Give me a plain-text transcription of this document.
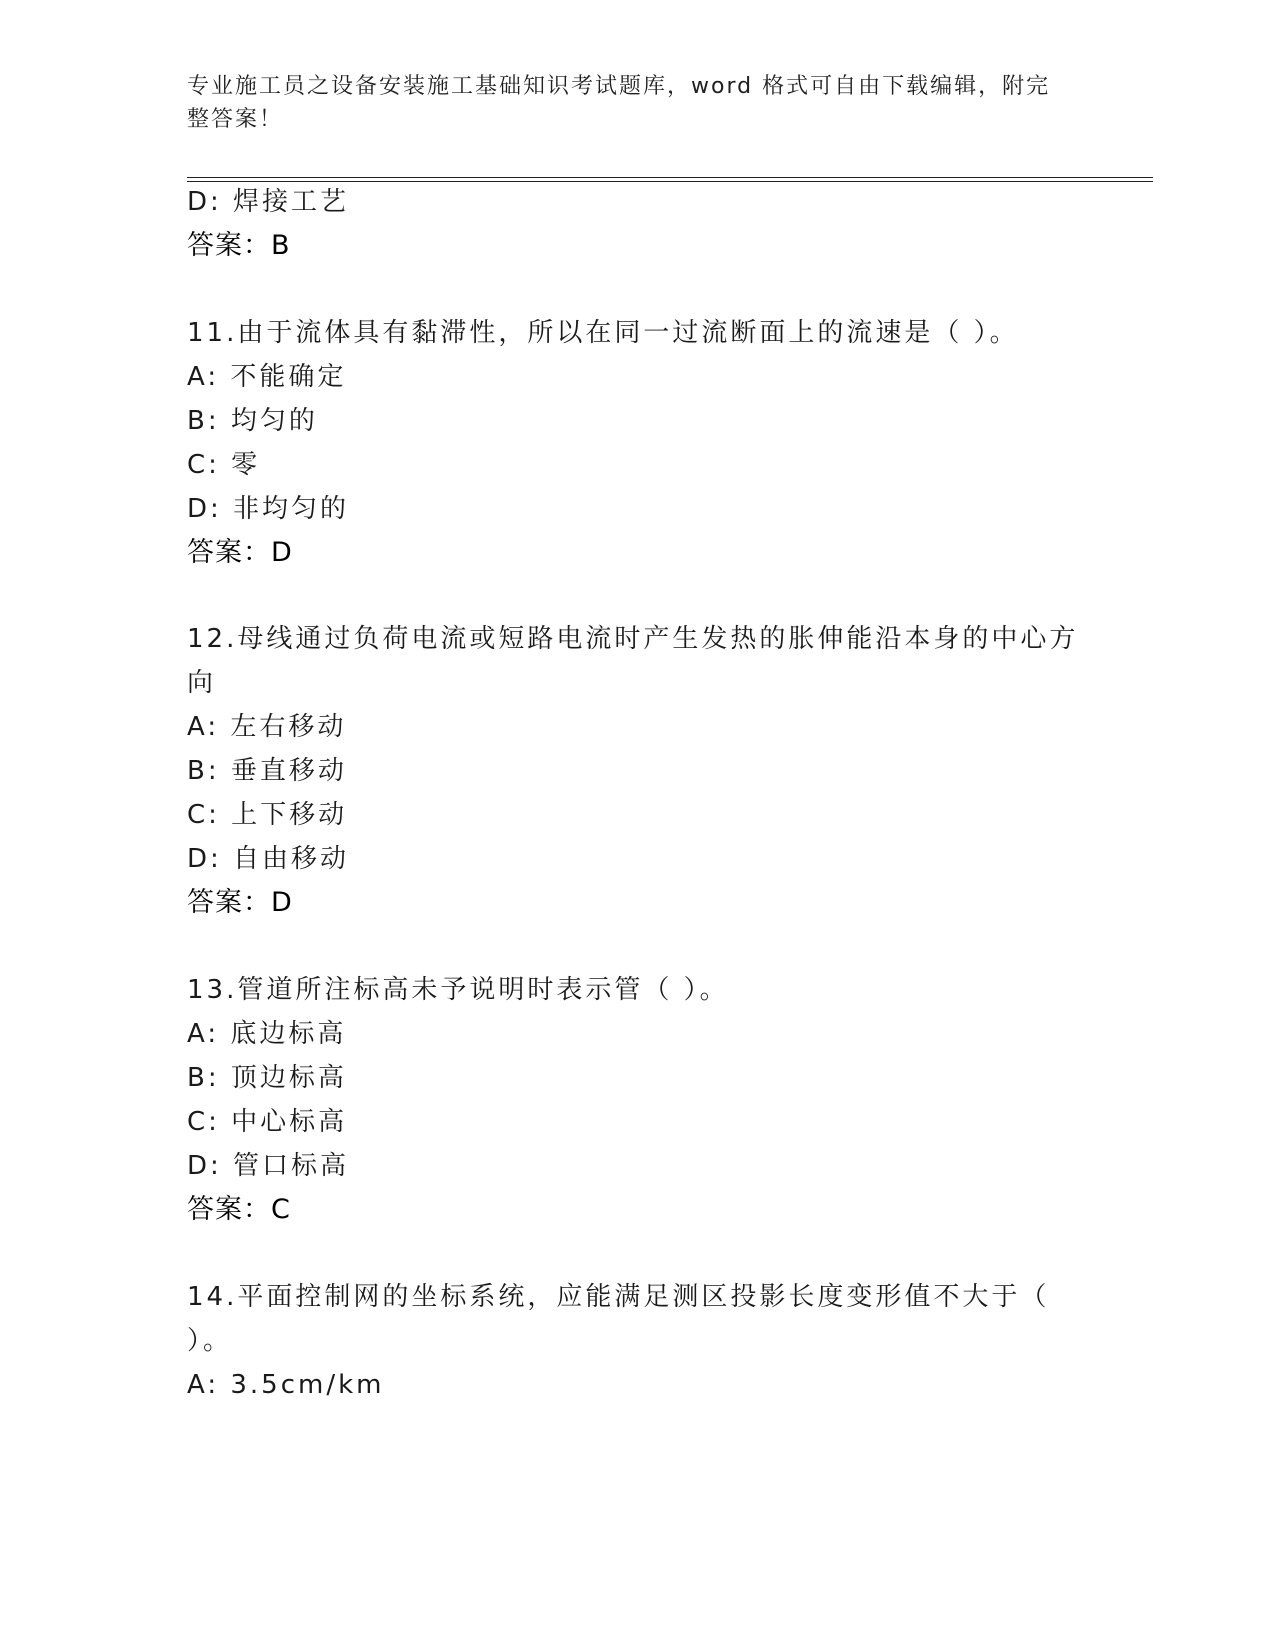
专业施工员之设备安装施工基础知识考试题库，word 格式可自由下载编辑，附完整答案！
D: 焊接工艺
答案：B
11.由于流体具有黏滞性，所以在同一过流断面上的流速是（ ）。
A: 不能确定
B: 均匀的
C: 零
D: 非均匀的
答案：D
12.母线通过负荷电流或短路电流时产生发热的胀伸能沿本身的中心方
向
A: 左右移动
B: 垂直移动
C: 上下移动
D: 自由移动
答案：D
13.管道所注标高未予说明时表示管（ ）。
A: 底边标高
B: 顶边标高
C: 中心标高
D: 管口标高
答案：C
14.平面控制网的坐标系统，应能满足测区投影长度变形值不大于（
）。
A: 3.5cm/km
